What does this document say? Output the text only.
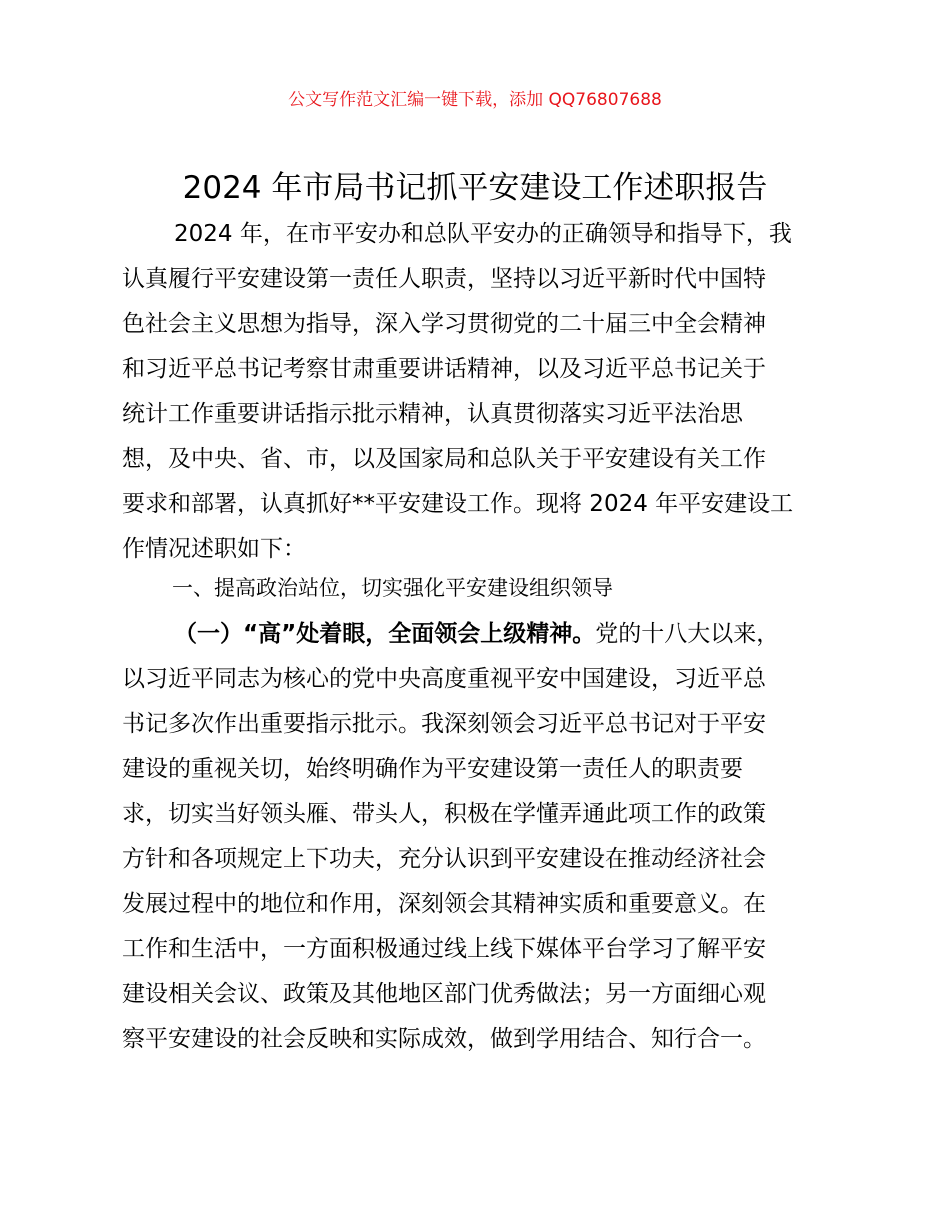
公文写作范文汇编一键下载，添加 QQ76807688
2024 年市局书记抓平安建设工作述职报告
2024 年，在市平安办和总队平安办的正确领导和指导下，我
认真履行平安建设第一责任人职责，坚持以习近平新时代中国特
色社会主义思想为指导，深入学习贯彻党的二十届三中全会精神
和习近平总书记考察甘肃重要讲话精神，以及习近平总书记关于
统计工作重要讲话指示批示精神，认真贯彻落实习近平法治思
想，及中央、省、市，以及国家局和总队关于平安建设有关工作
要求和部署，认真抓好**平安建设工作。现将 2024 年平安建设工
作情况述职如下：
一、提高政治站位，切实强化平安建设组织领导
（一）“高”处着眼，全面领会上级精神。党的十八大以来，
以习近平同志为核心的党中央高度重视平安中国建设，习近平总
书记多次作出重要指示批示。我深刻领会习近平总书记对于平安
建设的重视关切，始终明确作为平安建设第一责任人的职责要
求，切实当好领头雁、带头人，积极在学懂弄通此项工作的政策
方针和各项规定上下功夫，充分认识到平安建设在推动经济社会
发展过程中的地位和作用，深刻领会其精神实质和重要意义。在
工作和生活中，一方面积极通过线上线下媒体平台学习了解平安
建设相关会议、政策及其他地区部门优秀做法；另一方面细心观
察平安建设的社会反映和实际成效，做到学用结合、知行合一。
